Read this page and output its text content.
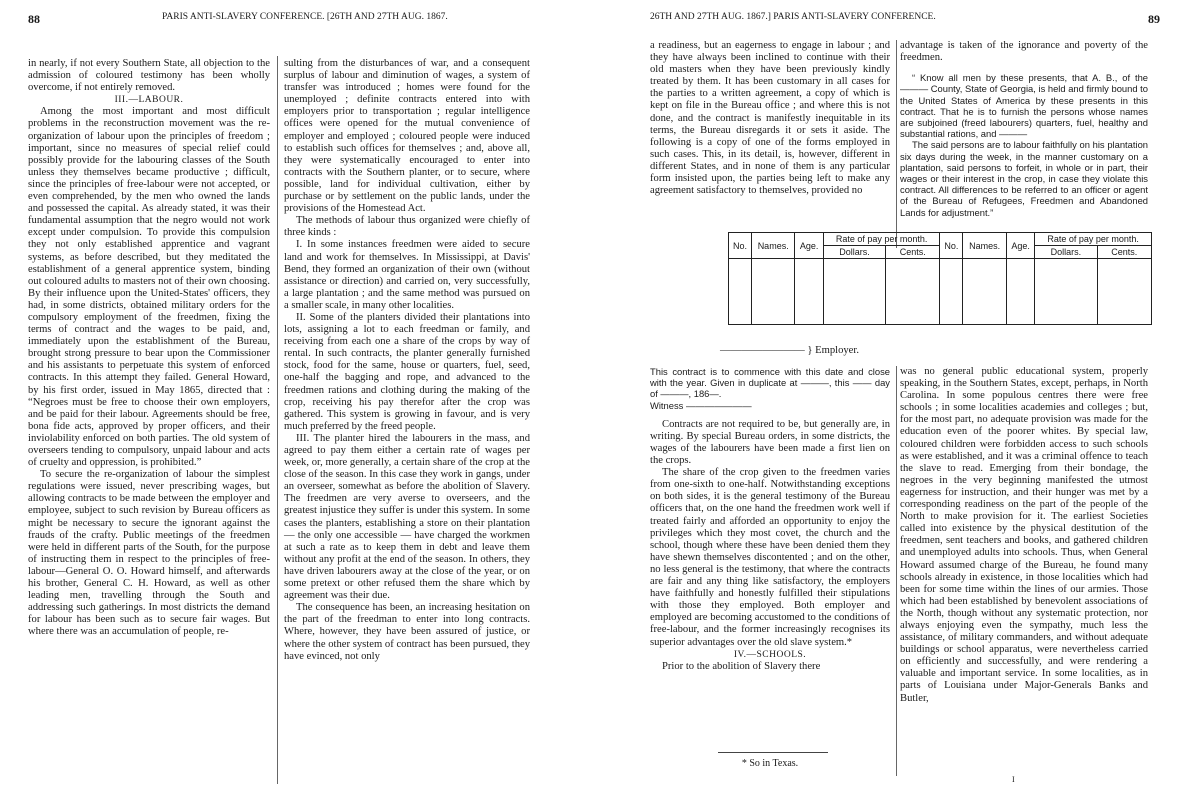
88	PARIS ANTI-SLAVERY CONFERENCE. [26TH AND 27TH AUG. 1867.

in nearly, if not every Southern State, all objection to the admission of coloured testimony has been wholly overcome, if not entirely removed.

III.—LABOUR.

Among the most important and most difficult problems in the reconstruction movement was the re-organization of labour upon the principles of freedom ; important, since no measures of special relief could possibly provide for the labouring classes of the South unless they themselves became productive ; difficult, since the principles of free-labour were not accepted, or even comprehended, by the men who owned the lands and possessed the capital. As already stated, it was their fundamental assumption that the negro would not work except under compulsion. To provide this compulsion they not only established apprentice and vagrant systems, as before described, but they meditated the establishment of a general apprentice system, binding out coloured adults to masters not of their own choosing. By their influence upon the United-States' officers, they had, in some districts, obtained military orders for the compulsory employment of the freedmen, fixing the terms of contract and the wages to be paid, and, immediately upon the establishment of the Bureau, brought strong pressure to bear upon the Commissioner and his assistants to perpetuate this system of enforced contracts. In this attempt they failed. General Howard, by his first order, issued in May 1865, directed that : “Negroes must be free to choose their own employers, and be paid for their labour. Agreements should be free, bona fide acts, approved by proper officers, and their inviolability enforced on both parties. The old system of overseers tending to compulsory, unpaid labour and acts of cruelty and oppression, is prohibited.”

To secure the re-organization of labour the simplest regulations were issued, never prescribing wages, but allowing contracts to be made between the employer and employee, subject to such revision by Bureau officers as might be necessary to secure the ignorant against the frauds of the crafty. Public meetings of the freedmen were held in different parts of the South, for the purpose of instructing them in respect to the principles of free-labour—General O. O. Howard himself, and afterwards his brother, General C. H. Howard, as well as other leading men, travelling through the South and addressing such gatherings. In most districts the demand for labour has been such as to secure fair wages. But where there was an accumulation of people, re-

sulting from the disturbances of war, and a consequent surplus of labour and diminution of wages, a system of transfer was introduced ; homes were found for the unemployed ; definite contracts entered into with employers prior to transportation ; regular intelligence offices were opened for the mutual convenience of employer and employed ; coloured people were induced to establish such offices for themselves ; and, above all, they were systematically encouraged to enter into contracts with the Southern planter, or to secure, where possible, land for individual cultivation, either by purchase or by settlement on the public lands, under the provisions of the Homestead Act.

The methods of labour thus organized were chiefly of three kinds :

I. In some instances freedmen were aided to secure land and work for themselves. In Mississippi, at Davis' Bend, they formed an organization of their own (without assistance or direction) and carried on, very successfully, a large plantation ; and the same method was pursued on a smaller scale, in many other localities.

II. Some of the planters divided their plantations into lots, assigning a lot to each freedman or family, and receiving from each one a share of the crops by way of rental. In such contracts, the planter generally furnished stock, food for the same, house or quarters, fuel, seed, one-half the bagging and rope, and advanced to the freedmen rations and clothing during the making of the crop, receiving his pay therefor after the crop was gathered. This system is growing in favour, and is very much preferred by the freed people.

III. The planter hired the labourers in the mass, and agreed to pay them either a certain rate of wages per week, or, more generally, a certain share of the crop at the close of the season. In this case they work in gangs, under an overseer, somewhat as before the abolition of Slavery. The freedmen are very averse to overseers, and the greatest injustice they suffer is under this system. In some cases the planters, establishing a store on their plantation — the only one accessible — have charged the workmen at such a rate as to keep them in debt and leave them without any profit at the end of the season. In others, they have driven labourers away at the close of the year, or on some pretext or other refused them the share which by agreement was their due.

The consequence has been, an increasing hesitation on the part of the freedman to enter into long contracts. Where, however, they have been assured of justice, or where the other system of contract has been pursued, they have evinced, not only

26TH AND 27TH AUG. 1867.] PARIS ANTI-SLAVERY CONFERENCE.	89

a readiness, but an eagerness to engage in labour ; and they have always been inclined to continue with their old masters when they have been previously kindly treated by them. It has been customary in all cases for the parties to a written agreement, a copy of which is kept on file in the Bureau office ; and where this is not done, and the contract is manifestly inequitable in its terms, the Bureau disregards it or sets it aside. The following is a copy of one of the forms employed in such cases. This, in its detail, is, however, different in different States, and in none of them is any particular form insisted upon, the parties being left to make any agreement satisfactory to themselves, provided no

advantage is taken of the ignorance and poverty of the freedmen.

“ Know all men by these presents, that A. B., of the ——— County, State of Georgia, is held and firmly bound to the United States of America by these presents in this contract. That he is to furnish the persons whose names are subjoined (freed labourers) quarters, fuel, healthy and substantial rations, and ———

The said persons are to labour faithfully on his plantation six days during the week, in the manner customary on a plantation, said persons to forfeit, in whole or in part, their wages or their interest in the crop, in case they violate this contract. All differences to be referred to an officer or agent of the Bureau of Refugees, Freedmen and Abandoned Lands for adjustment.”

No.	Names.	Age.	Rate of pay per month.		No.	Names.	Age.	Rate of pay per month.	
			Dollars.	Cents.				Dollars.	Cents.

———————— } Employer.

This contract is to commence with this date and close with the year. Given in duplicate at ———, this —— day of ———, 186—.

Witness ———————

Contracts are not required to be, but generally are, in writing. By special Bureau orders, in some districts, the wages of the labourers have been made a first lien on the crops.

The share of the crop given to the freedmen varies from one-sixth to one-half. Notwithstanding exceptions on both sides, it is the general testimony of the Bureau officers that, on the one hand the freedmen work well if treated fairly and afforded an opportunity to enjoy the privileges which they most covet, the church and the school, though where these have been denied them they have shewn themselves discontented ; and on the other, no less general is the testimony, that where the contracts are fair and any thing like satisfactory, the employers have faithfully and honestly fulfilled their stipulations with those they employed. Both employer and employed are becoming accustomed to the conditions of free-labour, and the former increasingly recognises its superior advantages over the old slave system.*

IV.—SCHOOLS.

Prior to the abolition of Slavery there

* So in Texas.

was no general public educational system, properly speaking, in the Southern States, except, perhaps, in North Carolina. In some populous centres there were free schools ; in some localities academies and colleges ; but, for the most part, no adequate provision was made for the education even of the poorer whites. By special law, coloured children were forbidden access to such schools as were established, and it was a criminal offence to teach the slave to read. Emerging from their bondage, the negroes in the very beginning manifested the utmost eagerness for instruction, and their hunger was met by a corresponding readiness on the part of the people of the North to make provision for it. The earliest Societies called into existence by the physical destitution of the freedmen, sent teachers and books, and gathered children and unemployed adults into schools. Thus, when General Howard assumed charge of the Bureau, he found many schools already in existence, in those localities which had been for some time within the lines of our armies. Those which had been established by benevolent associations of the North, though without any systematic protection, nor always enjoying even the sympathy, much less the assistance, of military commanders, and without adequate buildings or school apparatus, were nevertheless carried on efficiently and successfully, and were rendering a valuable and important service. In some localities, as in parts of Louisiana under Major-Generals Banks and Butler,

I
